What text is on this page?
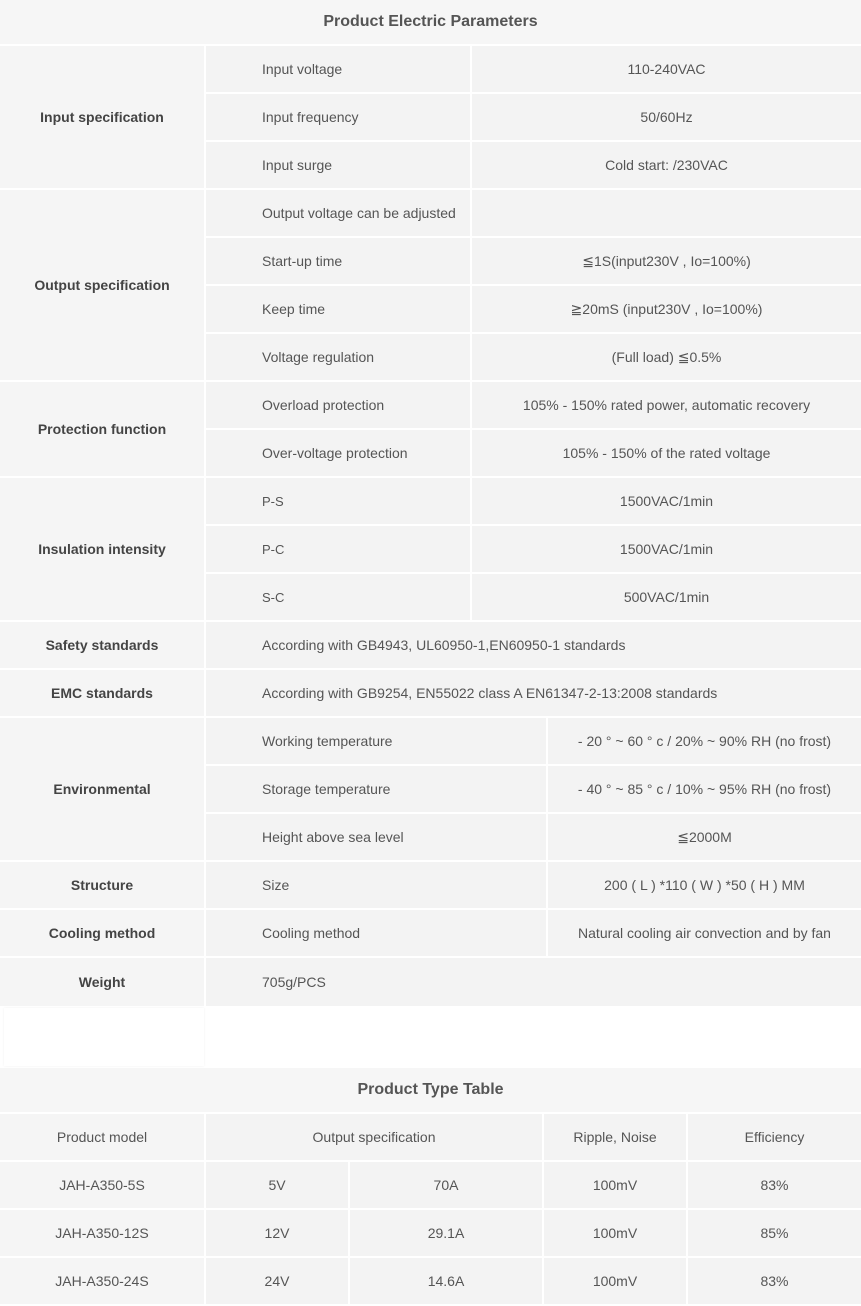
Product Electric Parameters
Input specification
Input voltage	110-240VAC
Input frequency	50/60Hz
Input surge	Cold start: /230VAC
Output specification
Output voltage can be adjusted
Start-up time	≦1S(input230V , Io=100%)
Keep time	≧20mS (input230V , Io=100%)
Voltage regulation	(Full load) ≦0.5%
Protection function
Overload protection	105% - 150% rated power, automatic recovery
Over-voltage protection	105% - 150% of the rated voltage
Insulation intensity
P-S	1500VAC/1min
P-C	1500VAC/1min
S-C	500VAC/1min
Safety standards	According with GB4943, UL60950-1,EN60950-1 standards
EMC standards	According with GB9254, EN55022 class A EN61347-2-13:2008 standards
Environmental
Working temperature	- 20 ° ~ 60 ° c / 20% ~ 90% RH (no frost)
Storage temperature	- 40 ° ~ 85 ° c / 10% ~ 95% RH (no frost)
Height above sea level	≦2000M
Structure	Size	200 ( L ) *110 ( W ) *50 ( H ) MM
Cooling method	Cooling method	Natural cooling air convection and by fan
Weight	705g/PCS
Product Type Table
Product model	Output specification	Ripple, Noise	Efficiency
JAH-A350-5S	5V	70A	100mV	83%
JAH-A350-12S	12V	29.1A	100mV	85%
JAH-A350-24S	24V	14.6A	100mV	83%
